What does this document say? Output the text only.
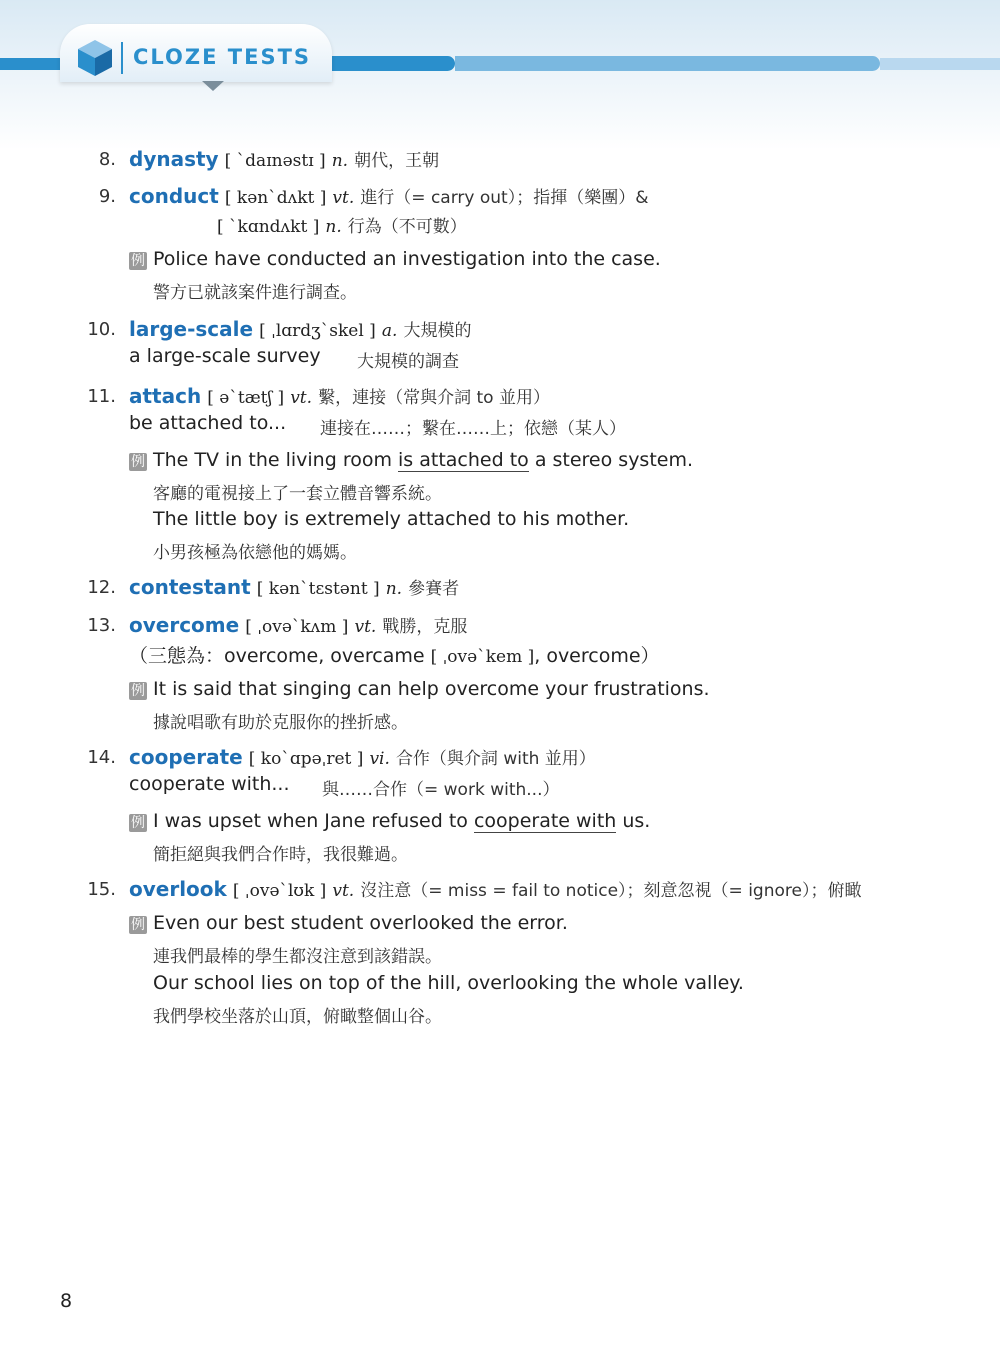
CLOZE TESTS
8. dynasty [ ˋdaɪnəstɪ ] n. 朝代，王朝
9. conduct [ kənˋdʌkt ] vt. 進行（= carry out）；指揮（樂團）&
[ ˋkɑndʌkt ] n. 行為（不可數）
例 Police have conducted an investigation into the case.
警方已就該案件進行調查。
10. large-scale [ ˌlɑrdʒˋskel ] a. 大規模的
a large-scale survey 大規模的調查
11. attach [ əˋtætʃ ] vt. 繫，連接（常與介詞 to 並用）
be attached to... 連接在……；繫在……上；依戀（某人）
例 The TV in the living room is attached to a stereo system.
客廳的電視接上了一套立體音響系統。
The little boy is extremely attached to his mother.
小男孩極為依戀他的媽媽。
12. contestant [ kənˋtɛstənt ] n. 參賽者
13. overcome [ ˌovəˋkʌm ] vt. 戰勝，克服
（三態為：overcome, overcame [ ˌovəˋkem ], overcome）
例 It is said that singing can help overcome your frustrations.
據說唱歌有助於克服你的挫折感。
14. cooperate [ koˋɑpəˌret ] vi. 合作（與介詞 with 並用）
cooperate with... 與……合作（= work with...）
例 I was upset when Jane refused to cooperate with us.
簡拒絕與我們合作時，我很難過。
15. overlook [ ˌovəˋlʊk ] vt. 沒注意（= miss = fail to notice）；刻意忽視（= ignore）；俯瞰
例 Even our best student overlooked the error.
連我們最棒的學生都沒注意到該錯誤。
Our school lies on top of the hill, overlooking the whole valley.
我們學校坐落於山頂，俯瞰整個山谷。
8
